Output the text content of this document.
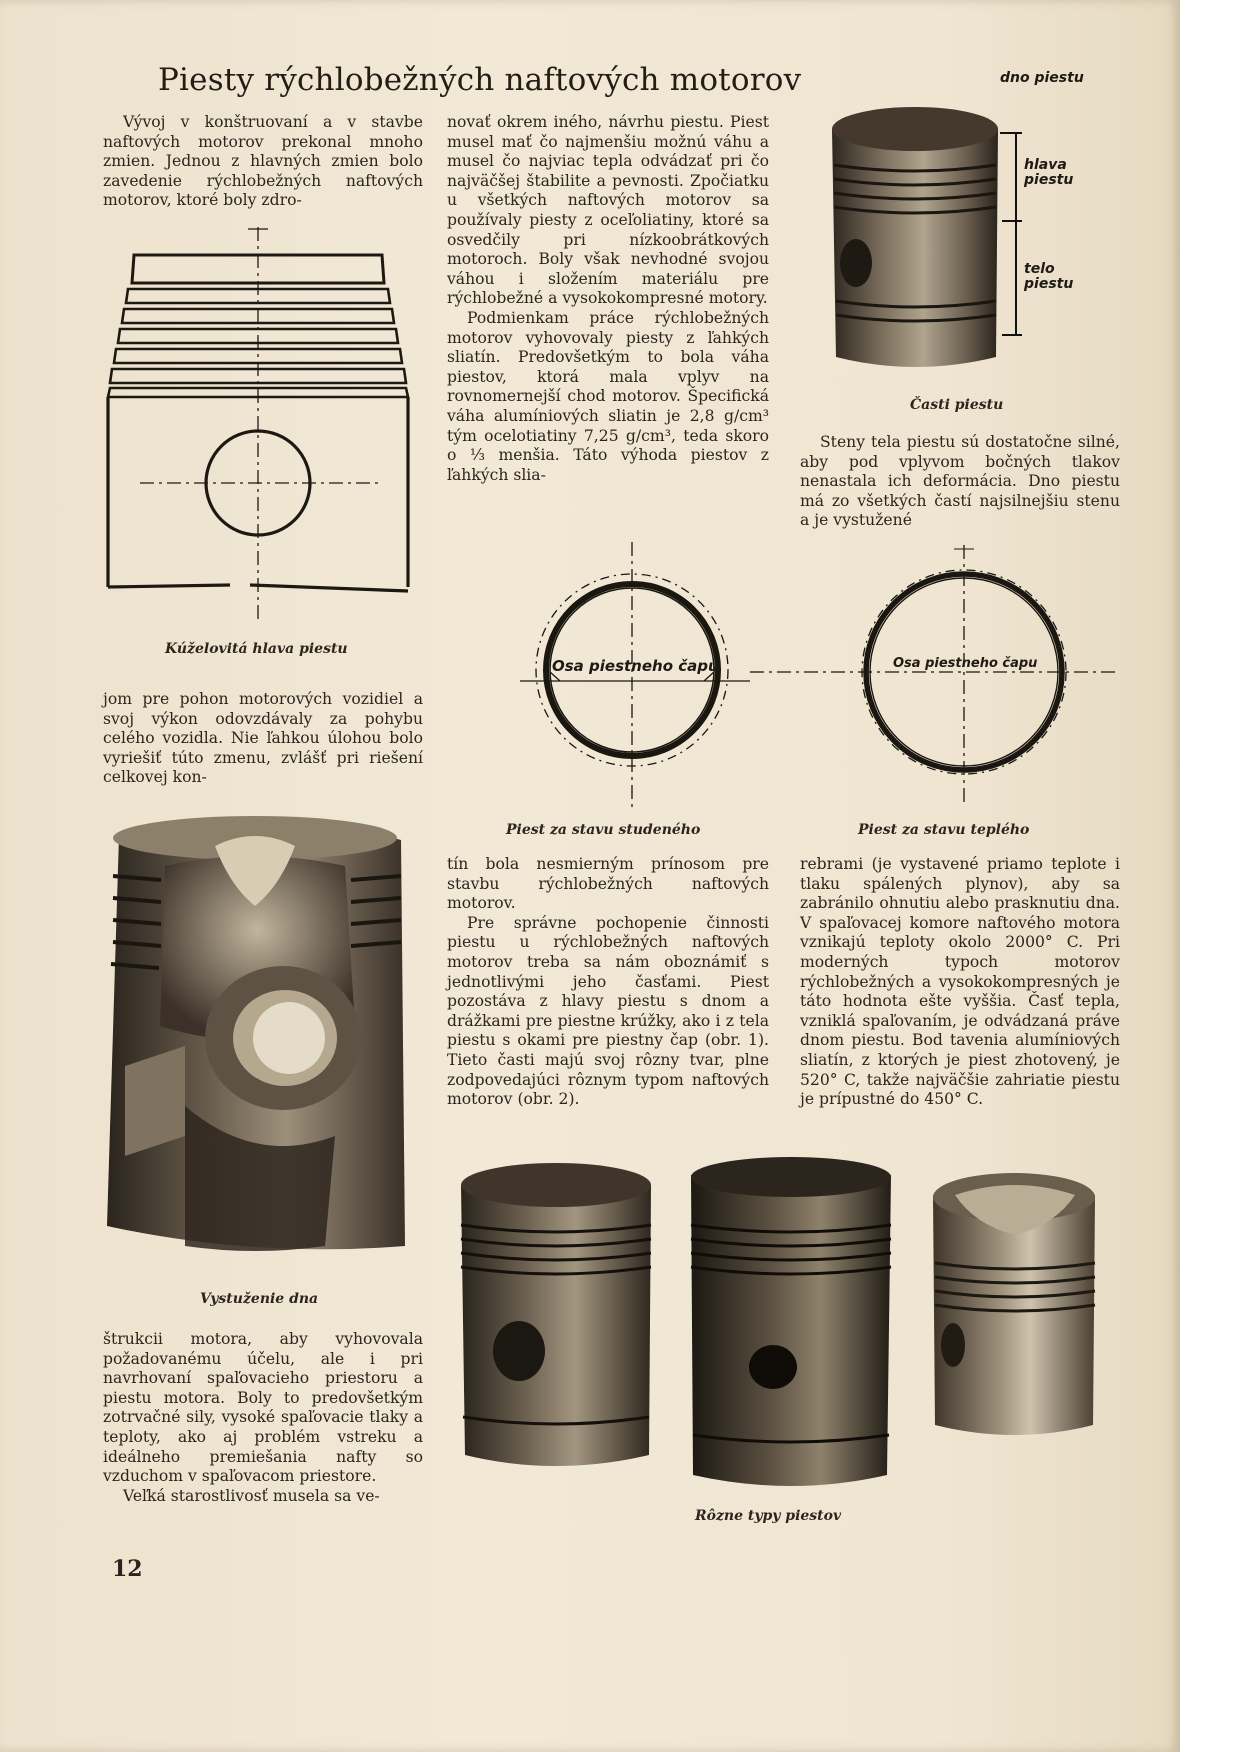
Piesty rýchlobežných naftových motorov

Vývoj v konštruovaní a v stavbe naftových motorov prekonal mnoho zmien. Jednou z hlavných zmien bolo zavedenie rýchlobežných naftových motorov, ktoré boly zdro-

Kúželovitá hlava piestu

jom pre pohon motorových vozidiel a svoj výkon odovzdávaly za pohybu celého vozidla. Nie ľahkou úlohou bolo vyriešiť túto zmenu, zvlášť pri riešení celkovej kon-

Vystuženie dna

štrukcii motora, aby vyhovovala požadovanému účelu, ale i pri navrhovaní spaľovacieho priestoru a piestu motora. Boly to predovšetkým zotrvačné sily, vysoké spaľovacie tlaky a teploty, ako aj problém vstreku a ideálneho premiešania nafty so vzduchom v spaľovacom priestore.

Veľká starostlivosť musela sa ve-

novať okrem iného, návrhu piestu. Piest musel mať čo najmenšiu možnú váhu a musel čo najviac tepla odvádzať pri čo najväčšej štabilite a pevnosti. Zpočiatku u všetkých naftových motorov sa používaly piesty z oceľoliatiny, ktoré sa osvedčily pri nízkoobrátkových motoroch. Boly však nevhodné svojou váhou i složením materiálu pre rýchlobežné a vysokokompresné motory.

Podmienkam práce rýchlobežných motorov vyhovovaly piesty z ľahkých sliatín. Predovšetkým to bola váha piestov, ktorá mala vplyv na rovnomernejší chod motorov. Špecifická váha alumíniových sliatin je 2,8 g/cm³ tým ocelotiatiny 7,25 g/cm³, teda skoro o ⅓ menšia. Táto výhoda piestov z ľahkých slia-

Osa piestneho čapu
Piest za stavu studeného

tín bola nesmierným prínosom pre stavbu rýchlobežných naftových motorov.

Pre správne pochopenie činnosti piestu u rýchlobežných naftových motorov treba sa nám oboznámiť s jednotlivými jeho časťami. Piest pozostáva z hlavy piestu s dnom a drážkami pre piestne krúžky, ako i z tela piestu s okami pre piestny čap (obr. 1). Tieto časti majú svoj rôzny tvar, plne zodpovedajúci rôznym typom naftových motorov (obr. 2).

dno piestu
hlava piestu
telo piestu
Časti piestu

Steny tela piestu sú dostatočne silné, aby pod vplyvom bočných tlakov nenastala ich deformácia. Dno piestu má zo všetkých častí najsilnejšiu stenu a je vystužené

Osa piestneho čapu
Piest za stavu teplého

rebrami (je vystavené priamo teplote i tlaku spálených plynov), aby sa zabránilo ohnutiu alebo prasknutiu dna. V spaľovacej komore naftového motora vznikajú teploty okolo 2000° C. Pri moderných typoch motorov rýchlobežných a vysokokompresných je táto hodnota ešte vyššia. Časť tepla, vzniklá spaľovaním, je odvádzaná práve dnom piestu. Bod tavenia alumíniových sliatín, z ktorých je piest zhotovený, je 520° C, takže najväčšie zahriatie piestu je prípustné do 450° C.

Rôzne typy piestov
12
